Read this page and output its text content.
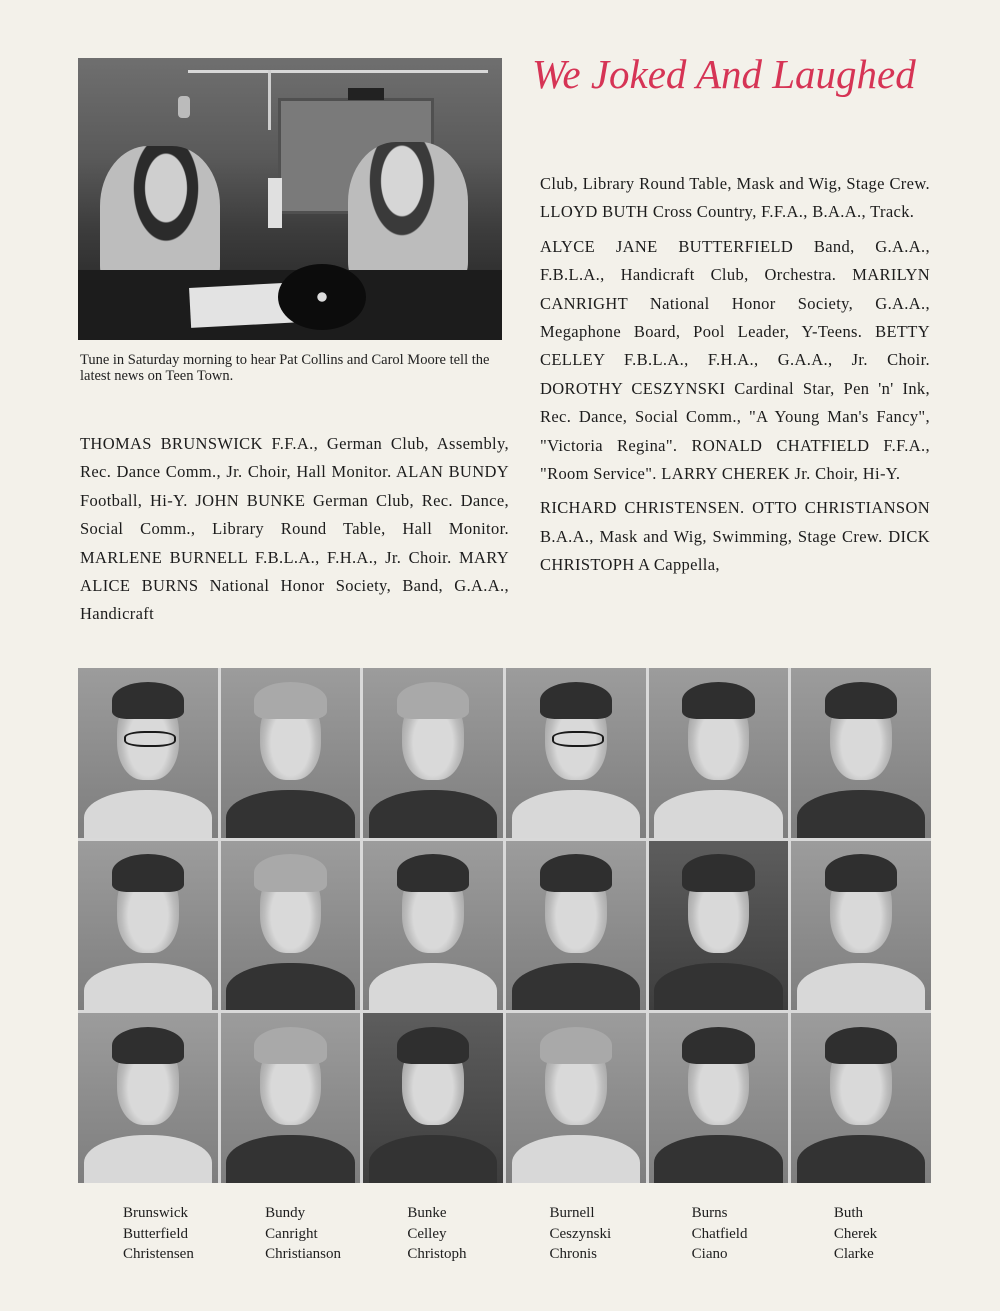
Tune in Saturday morning to hear Pat Collins and Carol Moore tell the latest news on Teen Town.
We Joked And Laughed

Club, Library Round Table, Mask and Wig, Stage Crew. LLOYD BUTH Cross Country, F.F.A., B.A.A., Track.

ALYCE JANE BUTTERFIELD Band, G.A.A., F.B.L.A., Handicraft Club, Orchestra. MARILYN CANRIGHT National Honor Society, G.A.A., Megaphone Board, Pool Leader, Y-Teens. BETTY CELLEY F.B.L.A., F.H.A., G.A.A., Jr. Choir. DOROTHY CESZYNSKI Cardinal Star, Pen 'n' Ink, Rec. Dance, Social Comm., "A Young Man's Fancy", "Victoria Regina". RONALD CHATFIELD F.F.A., "Room Service". LARRY CHEREK Jr. Choir, Hi-Y.

RICHARD CHRISTENSEN. OTTO CHRISTIANSON B.A.A., Mask and Wig, Swimming, Stage Crew. DICK CHRISTOPH A Cappella,

THOMAS BRUNSWICK F.F.A., German Club, Assembly, Rec. Dance Comm., Jr. Choir, Hall Monitor. ALAN BUNDY Football, Hi-Y. JOHN BUNKE German Club, Rec. Dance, Social Comm., Library Round Table, Hall Monitor. MARLENE BURNELL F.B.L.A., F.H.A., Jr. Choir. MARY ALICE BURNS National Honor Society, Band, G.A.A., Handicraft

Brunswick
Butterfield
Christensen
Bundy
Canright
Christianson
Bunke
Celley
Christoph
Burnell
Ceszynski
Chronis
Burns
Chatfield
Ciano
Buth
Cherek
Clarke
